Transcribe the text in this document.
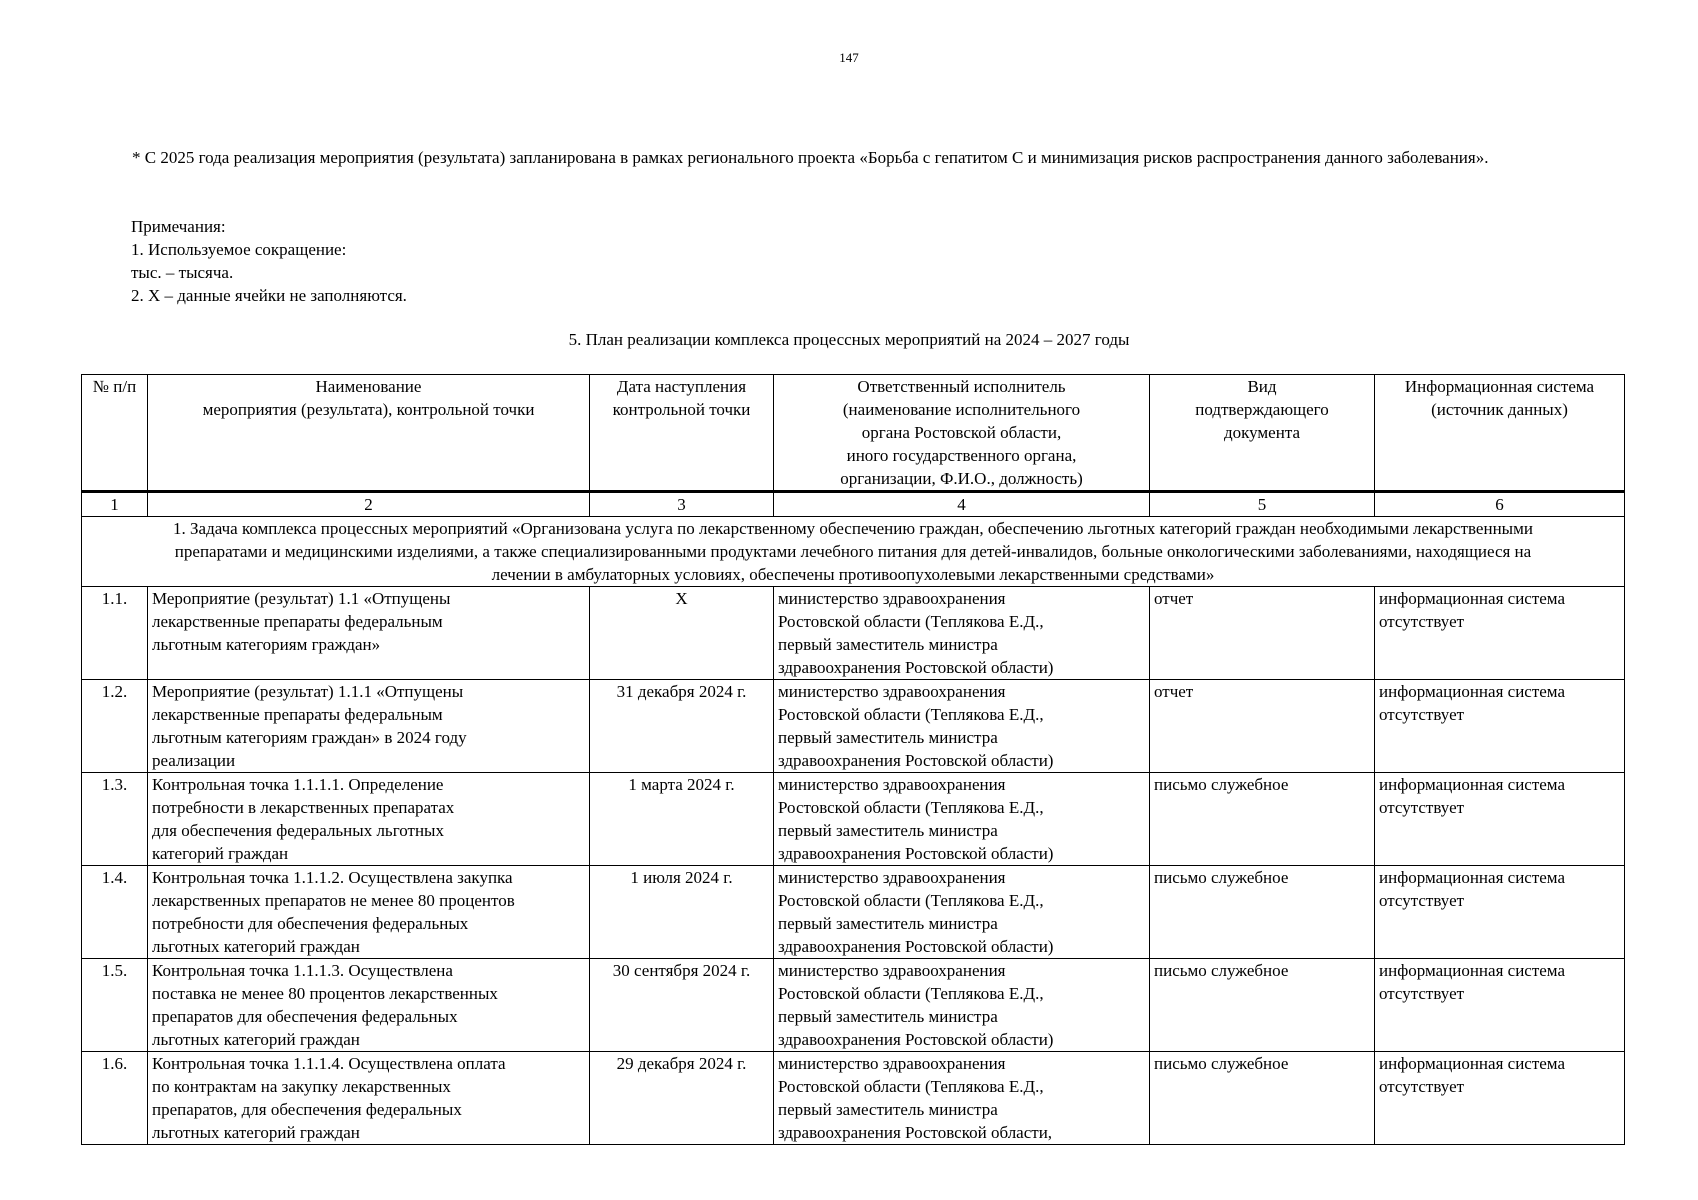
147
* С 2025 года реализация мероприятия (результата) запланирована в рамках регионального проекта «Борьба с гепатитом С и минимизация рисков распространения данного заболевания».
Примечания:
1. Используемое сокращение:
тыс. – тысяча.
2. Х – данные ячейки не заполняются.
5. План реализации комплекса процессных мероприятий на 2024 – 2027 годы
№ п/п	Наименование
мероприятия (результата), контрольной точки	Дата наступления
контрольной точки	Ответственный исполнитель
(наименование исполнительного
органа Ростовской области,
иного государственного органа,
организации, Ф.И.О., должность)	Вид
подтверждающего
документа	Информационная система
(источник данных)
1	2	3	4	5	6
1. Задача комплекса процессных мероприятий «Организована услуга по лекарственному обеспечению граждан, обеспечению льготных категорий граждан необходимыми лекарственными препаратами и медицинскими изделиями, а также специализированными продуктами лечебного питания для детей-инвалидов, больные онкологическими заболеваниями, находящиеся на лечении в амбулаторных условиях, обеспечены противоопухолевыми лекарственными средствами»					
1.1.	Мероприятие (результат) 1.1 «Отпущены
лекарственные препараты федеральным
льготным категориям граждан»	Х	министерство здравоохранения
Ростовской области (Теплякова Е.Д.,
первый заместитель министра
здравоохранения Ростовской области)	отчет	информационная система
отсутствует
1.2.	Мероприятие (результат) 1.1.1 «Отпущены
лекарственные препараты федеральным
льготным категориям граждан» в 2024 году
реализации	31 декабря 2024 г.	министерство здравоохранения
Ростовской области (Теплякова Е.Д.,
первый заместитель министра
здравоохранения Ростовской области)	отчет	информационная система
отсутствует
1.3.	Контрольная точка 1.1.1.1. Определение
потребности в лекарственных препаратах
для обеспечения федеральных льготных
категорий граждан	1 марта 2024 г.	министерство здравоохранения
Ростовской области (Теплякова Е.Д.,
первый заместитель министра
здравоохранения Ростовской области)	письмо служебное	информационная система
отсутствует
1.4.	Контрольная точка 1.1.1.2. Осуществлена закупка
лекарственных препаратов не менее 80 процентов
потребности для обеспечения федеральных
льготных категорий граждан	1 июля 2024 г.	министерство здравоохранения
Ростовской области (Теплякова Е.Д.,
первый заместитель министра
здравоохранения Ростовской области)	письмо служебное	информационная система
отсутствует
1.5.	Контрольная точка 1.1.1.3. Осуществлена
поставка не менее 80 процентов лекарственных
препаратов для обеспечения федеральных
льготных категорий граждан	30 сентября 2024 г.	министерство здравоохранения
Ростовской области (Теплякова Е.Д.,
первый заместитель министра
здравоохранения Ростовской области)	письмо служебное	информационная система
отсутствует
1.6.	Контрольная точка 1.1.1.4. Осуществлена оплата
по контрактам на закупку лекарственных
препаратов, для обеспечения федеральных
льготных категорий граждан	29 декабря 2024 г.	министерство здравоохранения
Ростовской области (Теплякова Е.Д.,
первый заместитель министра
здравоохранения Ростовской области,	письмо служебное	информационная система
отсутствует
